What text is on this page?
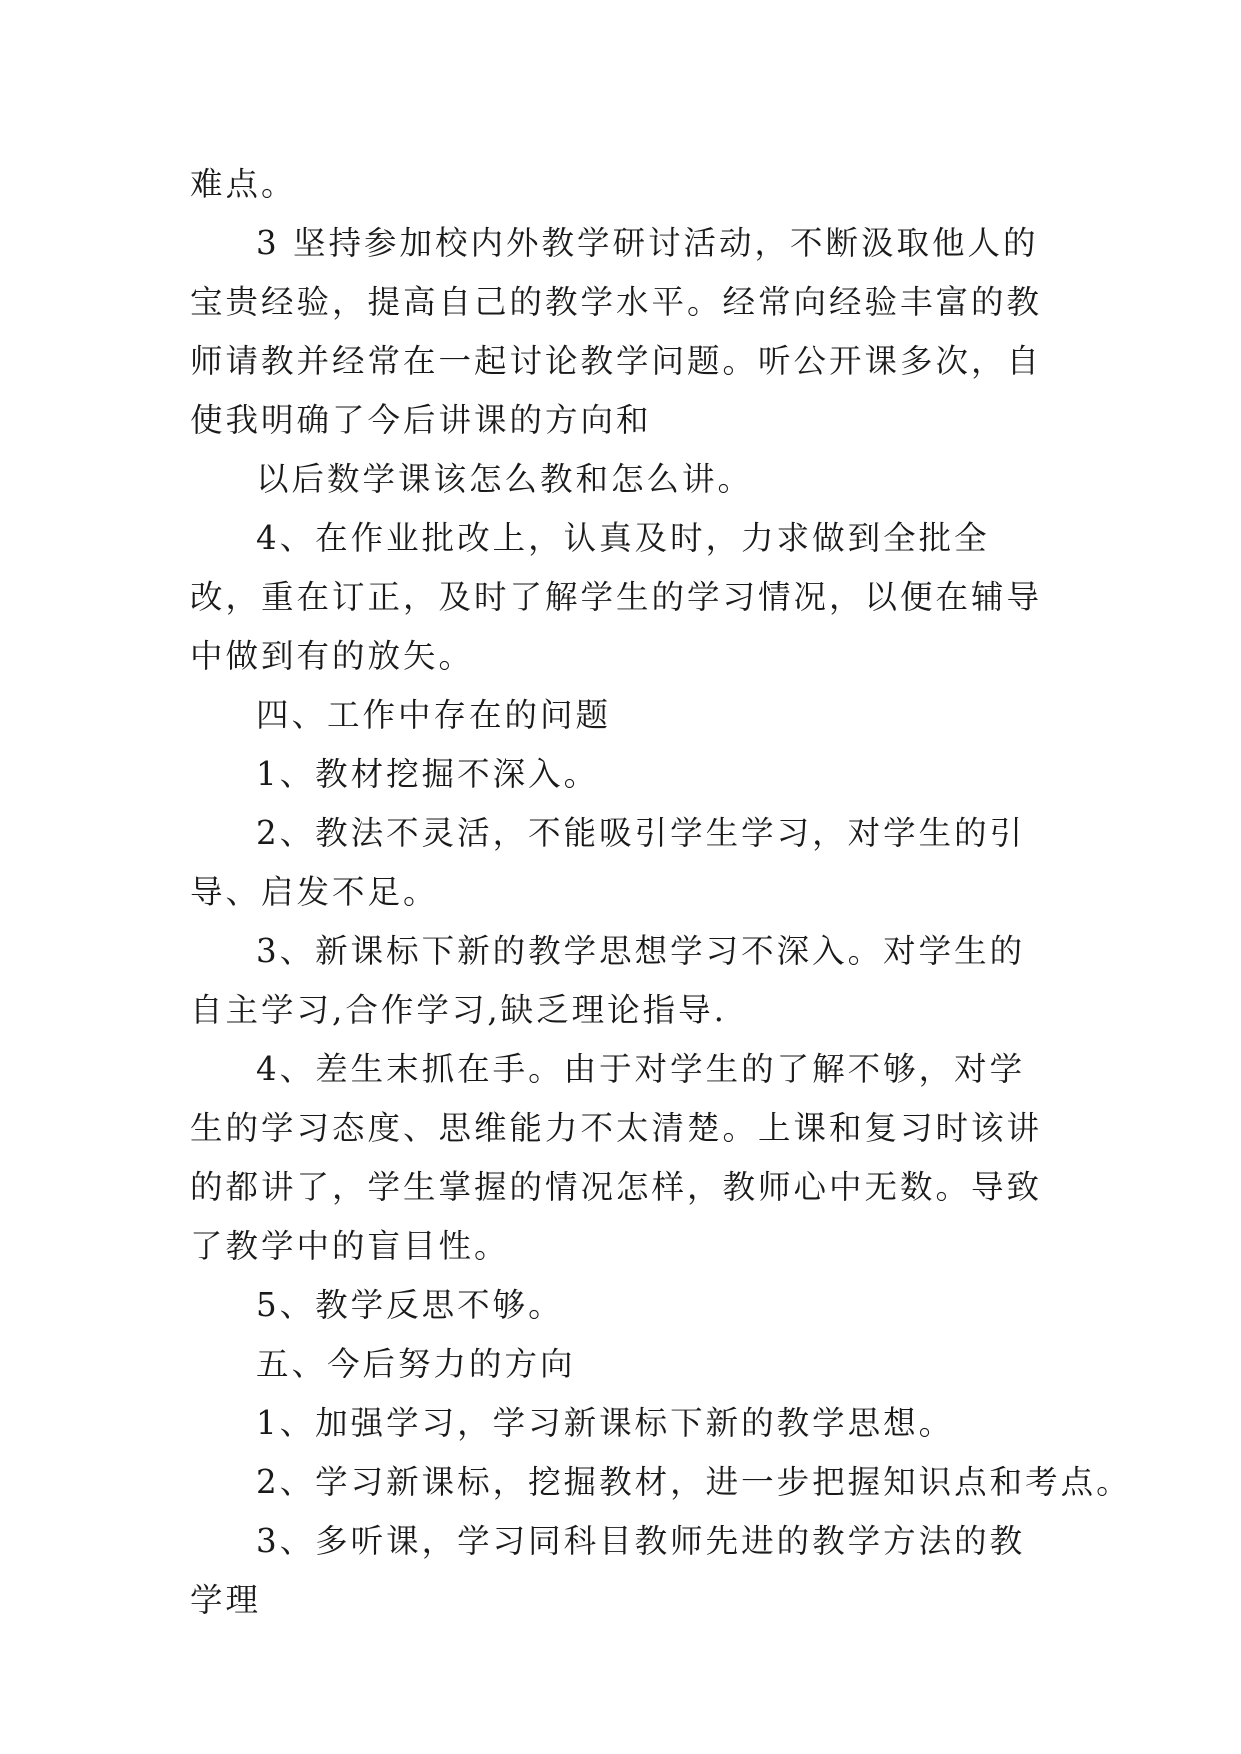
难点。

3 坚持参加校内外教学研讨活动，不断汲取他人的宝贵经验，提高自己的教学水平。经常向经验丰富的教师请教并经常在一起讨论教学问题。听公开课多次，自使我明确了今后讲课的方向和

以后数学课该怎么教和怎么讲。

4、在作业批改上，认真及时，力求做到全批全改，重在订正，及时了解学生的学习情况，以便在辅导中做到有的放矢。

四、工作中存在的问题

1、教材挖掘不深入。

2、教法不灵活，不能吸引学生学习，对学生的引导、启发不足。

3、新课标下新的教学思想学习不深入。对学生的自主学习,合作学习,缺乏理论指导.

4、差生末抓在手。由于对学生的了解不够，对学生的学习态度、思维能力不太清楚。上课和复习时该讲的都讲了，学生掌握的情况怎样，教师心中无数。导致了教学中的盲目性。

5、教学反思不够。

五、今后努力的方向

1、加强学习，学习新课标下新的教学思想。

2、学习新课标，挖掘教材，进一步把握知识点和考点。

3、多听课，学习同科目教师先进的教学方法的教学理
